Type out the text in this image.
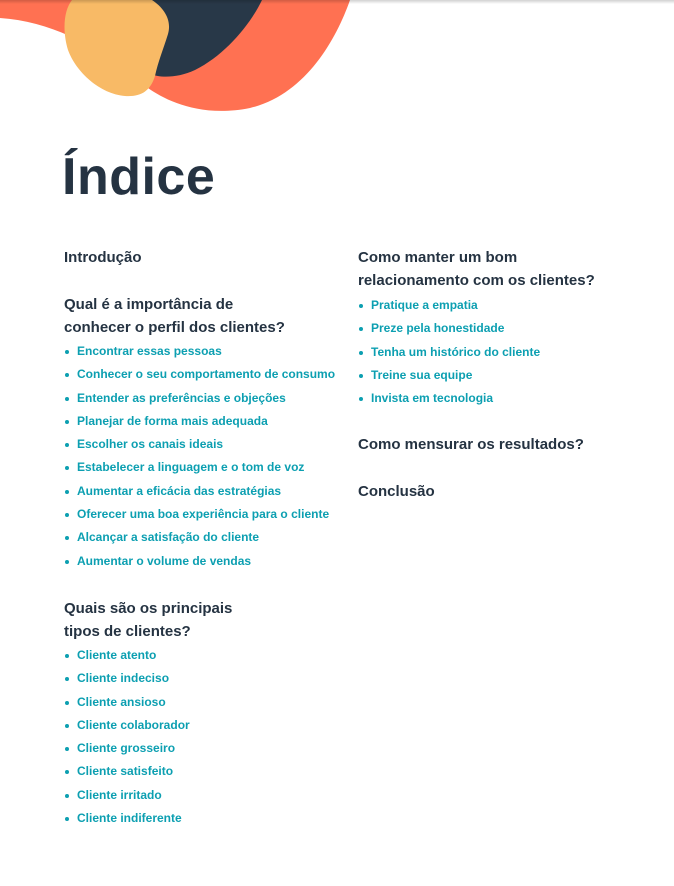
Índice
Introdução
Qual é a importância de
conhecer o perfil dos clientes?
Encontrar essas pessoas
Conhecer o seu comportamento de consumo
Entender as preferências e objeções
Planejar de forma mais adequada
Escolher os canais ideais
Estabelecer a linguagem e o tom de voz
Aumentar a eficácia das estratégias
Oferecer uma boa experiência para o cliente
Alcançar a satisfação do cliente
Aumentar o volume de vendas
Quais são os principais
tipos de clientes?
Cliente atento
Cliente indeciso
Cliente ansioso
Cliente colaborador
Cliente grosseiro
Cliente satisfeito
Cliente irritado
Cliente indiferente
Como manter um bom
relacionamento com os clientes?
Pratique a empatia
Preze pela honestidade
Tenha um histórico do cliente
Treine sua equipe
Invista em tecnologia
Como mensurar os resultados?
Conclusão
